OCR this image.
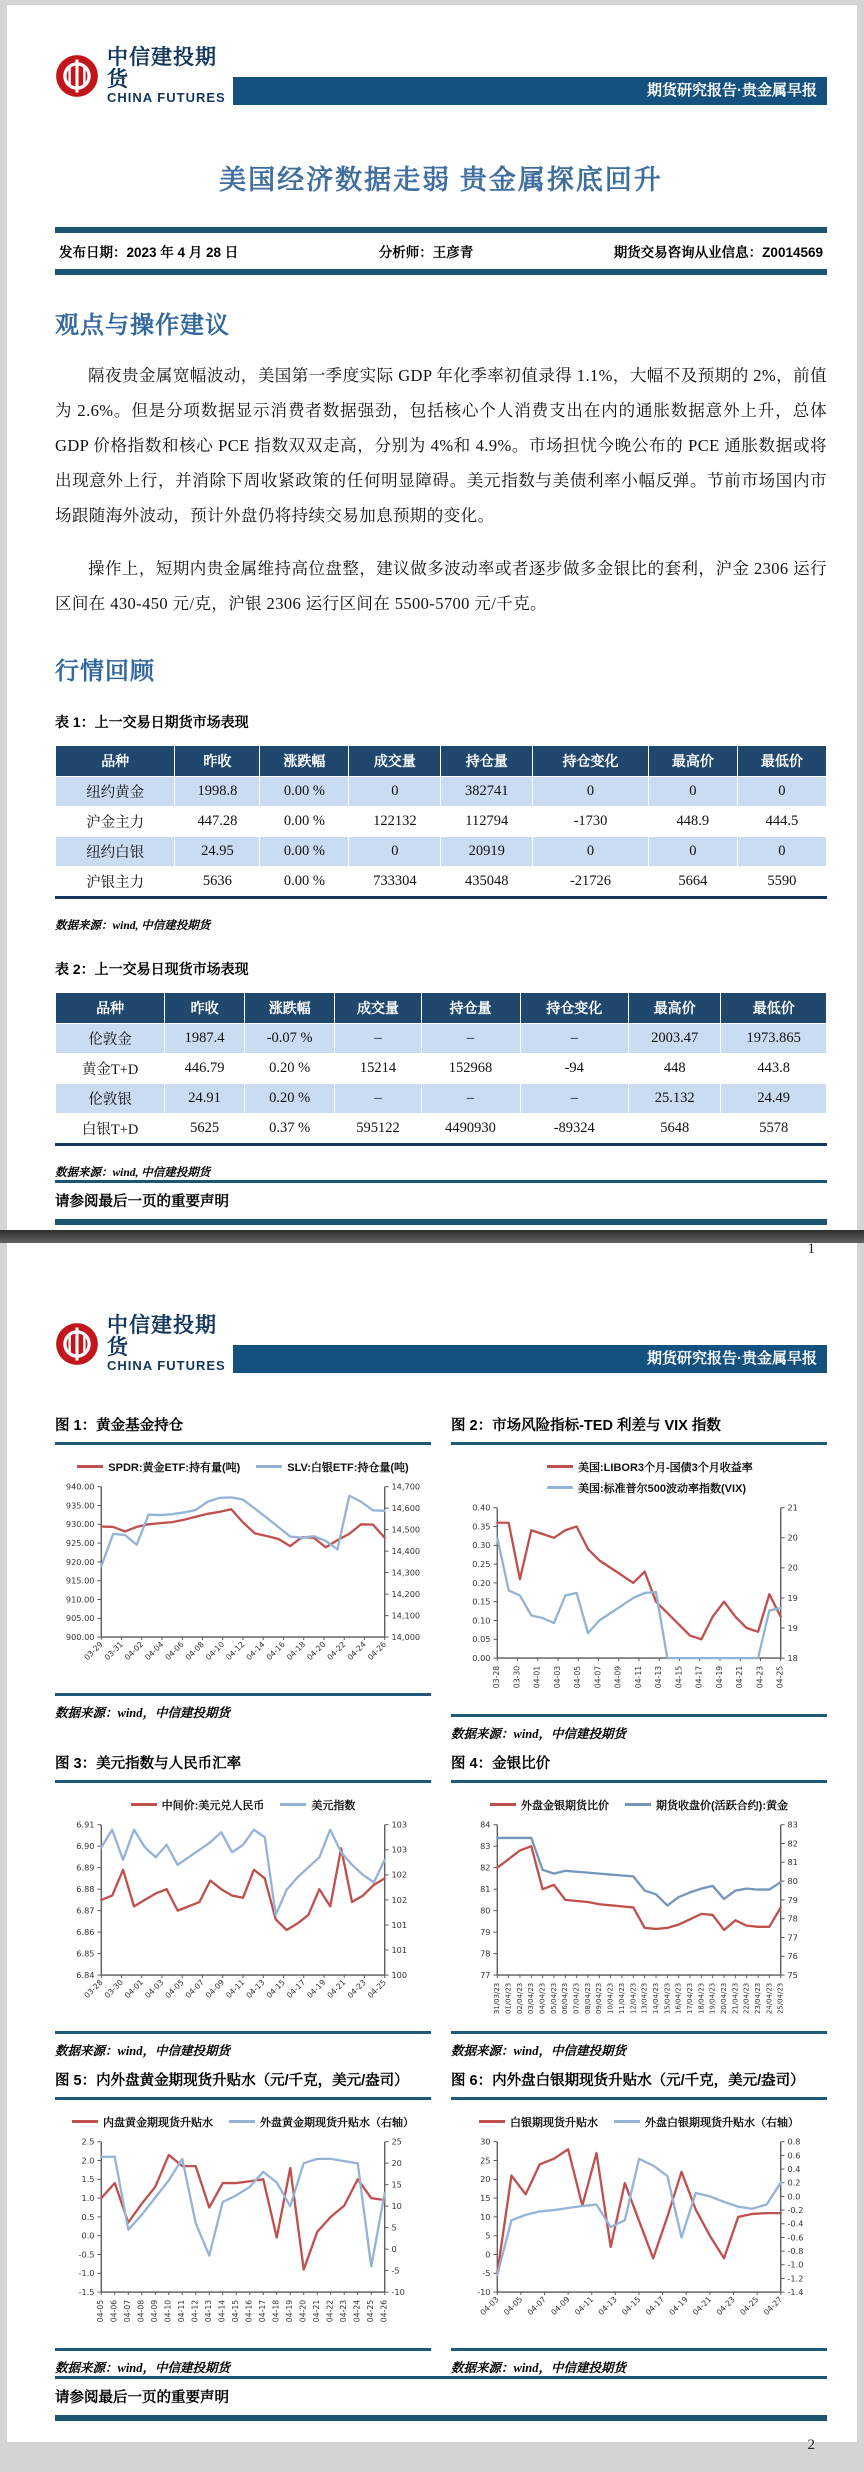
中信建投期货
CHINA FUTURES	期货研究报告·贵金属早报
美国经济数据走弱 贵金属探底回升
发布日期：2023 年 4 月 28 日	分析师：王彦青	期货交易咨询从业信息：Z0014569
观点与操作建议
隔夜贵金属宽幅波动，美国第一季度实际 GDP 年化季率初值录得 1.1%，大幅不及预期的 2%，前值为 2.6%。但是分项数据显示消费者数据强劲，包括核心个人消费支出在内的通胀数据意外上升，总体 GDP 价格指数和核心 PCE 指数双双走高，分别为 4%和 4.9%。市场担忧今晚公布的 PCE 通胀数据或将出现意外上行，并消除下周收紧政策的任何明显障碍。美元指数与美债利率小幅反弹。节前市场国内市场跟随海外波动，预计外盘仍将持续交易加息预期的变化。
操作上，短期内贵金属维持高位盘整，建议做多波动率或者逐步做多金银比的套利，沪金 2306 运行区间在 430-450 元/克，沪银 2306 运行区间在 5500-5700 元/千克。
行情回顾
表 1：上一交易日期货市场表现
品种	昨收	涨跌幅	成交量	持仓量	持仓变化	最高价	最低价
纽约黄金	1998.8	0.00 %	0	382741	0	0	0
沪金主力	447.28	0.00 %	122132	112794	-1730	448.9	444.5
纽约白银	24.95	0.00 %	0	20919	0	0	0
沪银主力	5636	0.00 %	733304	435048	-21726	5664	5590
数据来源：wind, 中信建投期货
表 2：上一交易日现货市场表现
品种	昨收	涨跌幅	成交量	持仓量	持仓变化	最高价	最低价
伦敦金	1987.4	-0.07 %	–	–	–	2003.47	1973.865
黄金T+D	446.79	0.20 %	15214	152968	-94	448	443.8
伦敦银	24.91	0.20 %	–	–	–	25.132	24.49
白银T+D	5625	0.37 %	595122	4490930	-89324	5648	5578
数据来源：wind, 中信建投期货
请参阅最后一页的重要声明
1
中信建投期货
CHINA FUTURES	期货研究报告·贵金属早报
图 1：黄金基金持仓
SPDR:黄金ETF:持有量(吨)	SLV:白银ETF:持仓量(吨)
940.00
935.00
930.00
925.00
920.00
915.00
910.00
905.00
900.00
14,700
14,600
14,500
14,400
14,300
14,200
14,100
14,000
03-29
03-31
04-02
04-04
04-06
04-08
04-10
04-12
04-14
04-16
04-18
04-20
04-22
04-24
04-26
数据来源：wind，中信建投期货
图 2：市场风险指标-TED 利差与 VIX 指数
美国:LIBOR3个月-国债3个月收益率
美国:标准普尔500波动率指数(VIX)
0.40
0.35
0.30
0.25
0.20
0.15
0.10
0.05
0.00
21
20
20
19
19
18
03-28 03-30 04-01 04-03 04-05 04-07 04-09 04-11 04-13 04-15 04-17 04-19 04-21 04-23 04-25
数据来源：wind，中信建投期货
图 3：美元指数与人民币汇率
中间价:美元兑人民币	美元指数
6.91
6.90
6.89
6.88
6.87
6.86
6.85
6.84
103
103
102
102
101
101
100
03-28
03-30
04-01
04-03
04-05
04-07
04-09
04-11
04-13
04-15
04-17
04-19
04-21
04-23
04-25
数据来源：wind，中信建投期货
图 4：金银比价
外盘金银期货比价	期货收盘价(活跃合约):黄金
84
83
82
81
80
79
78
77
83
82
81
80
79
78
77
76
75
31/03/23 01/04/23 02/04/23 03/04/23 04/04/23 05/04/23 06/04/23 07/04/23 08/04/23 09/04/23 10/04/23 11/04/23 12/04/23 13/04/23 14/04/23 15/04/23 16/04/23 17/04/23 18/04/23 19/04/23 20/04/23 21/04/23 22/04/23 23/04/23 24/04/23 25/04/23
数据来源：wind，中信建投期货
图 5：内外盘黄金期现货升贴水（元/千克，美元/盎司）
内盘黄金期现货升贴水	外盘黄金期现货升贴水（右轴）
2.5
2.0
1.5
1.0
0.5
0.0
-0.5
-1.0
-1.5
25
20
15
10
5
0
-5
-10
04-05 04-06 04-07 04-08 04-09 04-10 04-11 04-12 04-13 04-14 04-15 04-16 04-17 04-18 04-19 04-20 04-21 04-22 04-23 04-24 04-25 04-26
数据来源：wind，中信建投期货
图 6：内外盘白银期现货升贴水（元/千克，美元/盎司）
白银期现货升贴水	外盘白银期现货升贴水（右轴）
30
25
20
15
10
5
0
-5
-10
0.8
0.6
0.4
0.2
0.0
-0.2
-0.4
-0.6
-0.8
-1.0
-1.2
-1.4
04-03 04-05 04-07 04-09 04-11 04-13 04-15 04-17 04-19 04-21 04-23 04-25 04-27
数据来源：wind，中信建投期货
请参阅最后一页的重要声明
2
